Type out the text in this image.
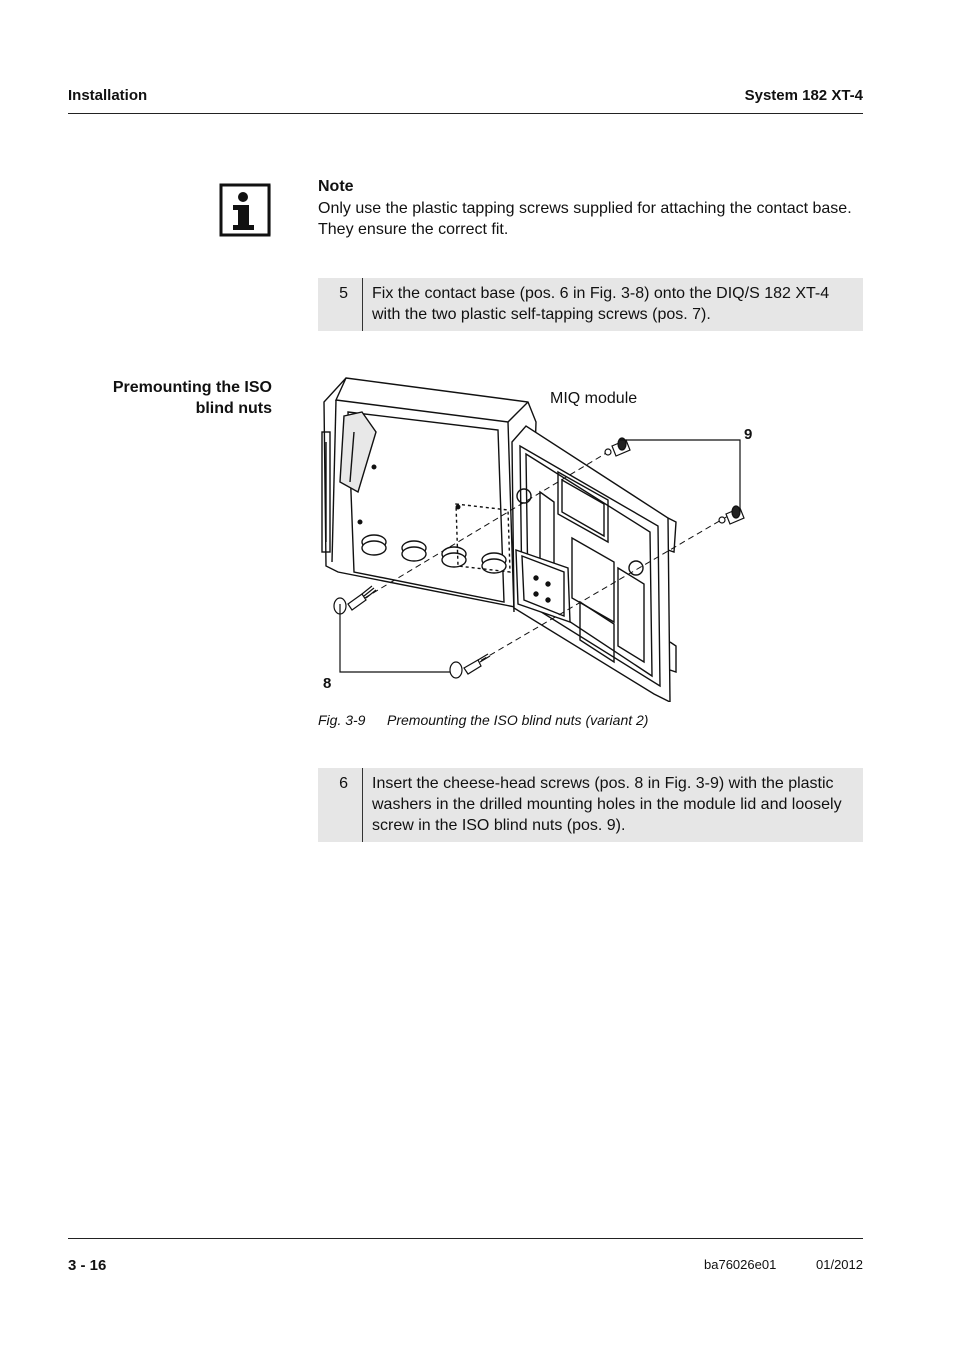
Installation	System 182 XT-4
Note
Only use the plastic tapping screws supplied for attaching the contact base. They ensure the correct fit.
5	Fix the contact base (pos. 6 in Fig. 3-8) onto the DIQ/S 182 XT-4 with the two plastic self-tapping screws (pos. 7).
Premounting the ISO blind nuts
MIQ module
9
8
Fig. 3-9 Premounting the ISO blind nuts (variant 2)
6	Insert the cheese-head screws (pos. 8 in Fig. 3-9) with the plastic washers in the drilled mounting holes in the module lid and loosely screw in the ISO blind nuts (pos. 9).
3 - 16	ba76026e01	01/2012
